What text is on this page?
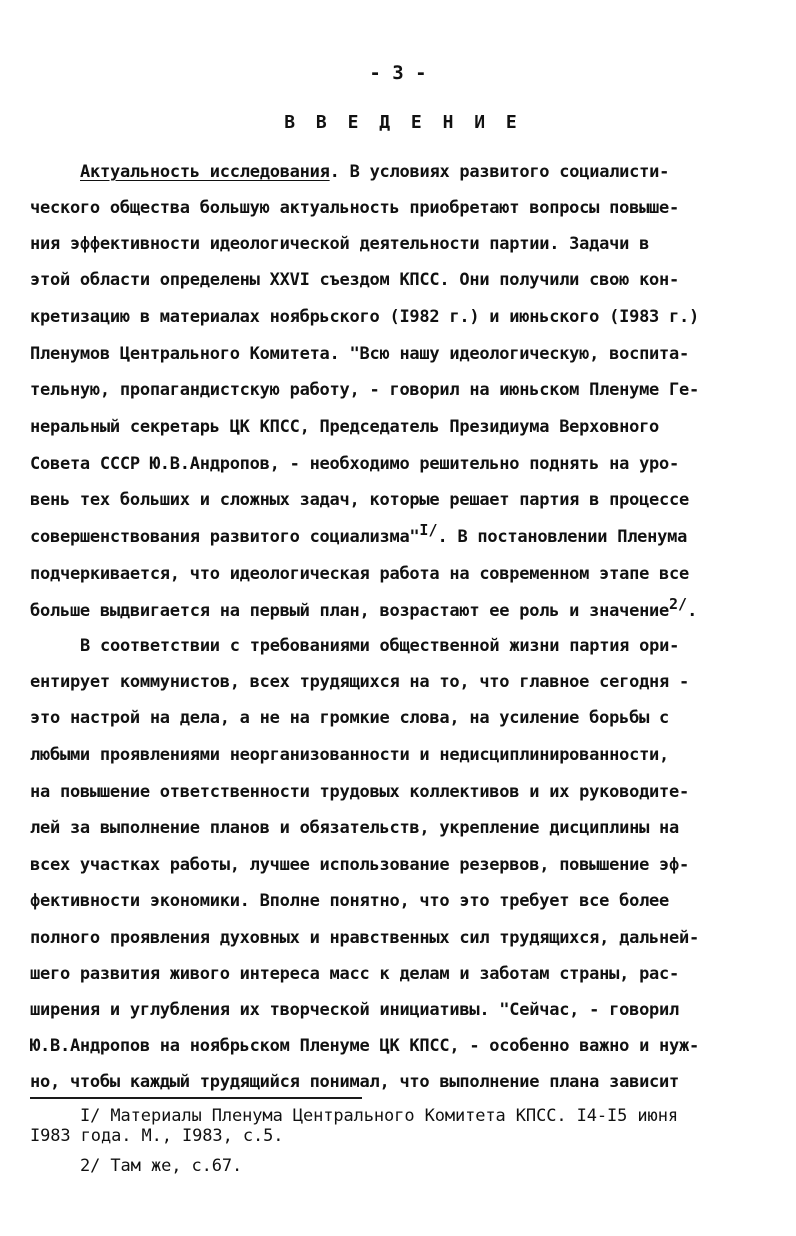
- 3 -
В В Е Д Е Н И Е
Актуальность исследования. В условиях развитого социалисти-
ческого общества большую актуальность приобретают вопросы повыше-
ния эффективности идеологической деятельности партии. Задачи в
этой области определены XXVI съездом КПСС. Они получили свою кон-
кретизацию в материалах ноябрьского (I982 г.) и июньского (I983 г.)
Пленумов Центрального Комитета. "Всю нашу идеологическую, воспита-
тельную, пропагандистскую работу, - говорил на июньском Пленуме Ге-
неральный секретарь ЦК КПСС, Председатель Президиума Верховного
Совета СССР Ю.В.Андропов, - необходимо решительно поднять на уро-
вень тех больших и сложных задач, которые решает партия в процессе
совершенствования развитого социализма"I/. В постановлении Пленума
подчеркивается, что идеологическая работа на современном этапе все
больше выдвигается на первый план, возрастают ее роль и значение2/.
В соответствии с требованиями общественной жизни партия ори-
ентирует коммунистов, всех трудящихся на то, что главное сегодня -
это настрой на дела, а не на громкие слова, на усиление борьбы с
любыми проявлениями неорганизованности и недисциплинированности,
на повышение ответственности трудовых коллективов и их руководите-
лей за выполнение планов и обязательств, укрепление дисциплины на
всех участках работы, лучшее использование резервов, повышение эф-
фективности экономики. Вполне понятно, что это требует все более
полного проявления духовных и нравственных сил трудящихся, дальней-
шего развития живого интереса масс к делам и заботам страны, рас-
ширения и углубления их творческой инициативы. "Сейчас, - говорил
Ю.В.Андропов на ноябрьском Пленуме ЦК КПСС, - особенно важно и нуж-
но, чтобы каждый трудящийся понимал, что выполнение плана зависит
I/ Материалы Пленума Центрального Комитета КПСС. I4-I5 июня
I983 года. М., I983, с.5.
2/ Там же, с.67.
